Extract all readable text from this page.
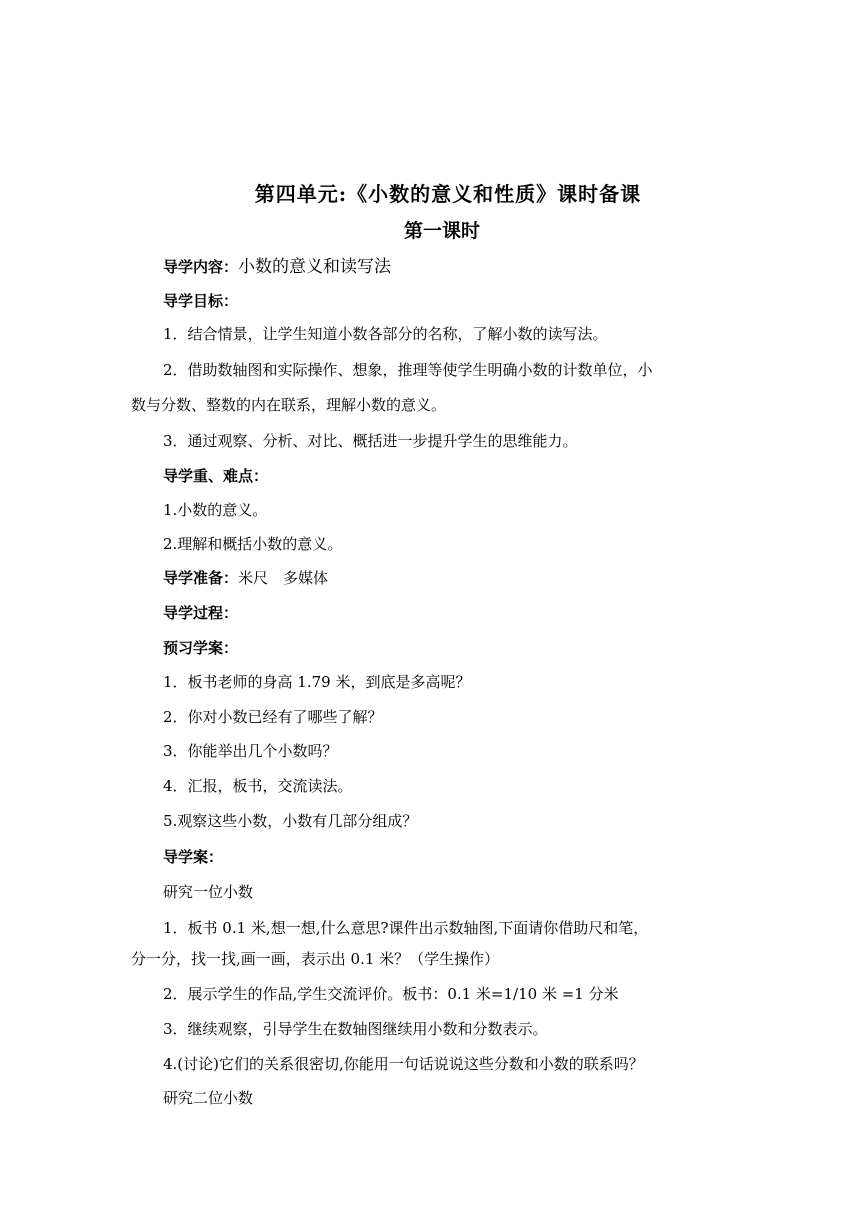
第四单元:《小数的意义和性质》课时备课
第一课时
导学内容：小数的意义和读写法
导学目标：
1．结合情景，让学生知道小数各部分的名称，了解小数的读写法。
2．借助数轴图和实际操作、想象，推理等使学生明确小数的计数单位，小
数与分数、整数的内在联系，理解小数的意义。
3．通过观察、分析、对比、概括进一步提升学生的思维能力。
导学重、难点：
1.小数的意义。
2.理解和概括小数的意义。
导学准备：米尺　多媒体
导学过程：
预习学案：
1．板书老师的身高 1.79 米，到底是多高呢？
2．你对小数已经有了哪些了解？
3．你能举出几个小数吗？
4．汇报，板书，交流读法。
5.观察这些小数，小数有几部分组成？
导学案：
研究一位小数
1．板书 0.1 米,想一想,什么意思?课件出示数轴图,下面请你借助尺和笔，
分一分，找一找,画一画，表示出 0.1 米？（学生操作）
2．展示学生的作品,学生交流评价。板书：0.1 米=1/10 米 =1 分米
3．继续观察，引导学生在数轴图继续用小数和分数表示。
4.(讨论)它们的关系很密切,你能用一句话说说这些分数和小数的联系吗？
研究二位小数
